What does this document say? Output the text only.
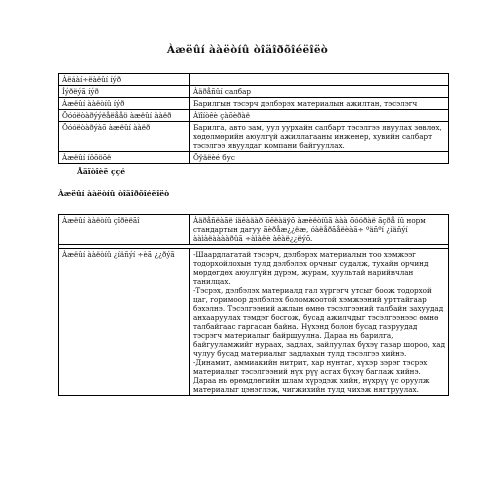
Àæëûí ààëòíû òîäîðõîéëîëò
Àëáàí÷ëàëûí íýð	
Íýðëýã íýð	Àäðåñûí салбар
Àæëûí ààëòíû íýð	Барилгын тэсэрч дэлбэрэх материалын ажилтан, тэсэлэгч
Õóóëòàðýýëåëååö àæëûí ààëð	Àïîíòêè çàõèðàë
Õóóëòàðýàõ àæëûí ààëð	Барилга, авто зам, уул уурхайн салбарт тэсэлгээ явуулах зөвлөх, хөдөлмөрийн аюулгүй ажиллагааны инженер, хувийн салбарт тэсэлгээ явуулдаг компани байгууллах.
Àæëûí íôõöõë	Õÿäëèé бус
Åäïòîèë ççé
Àæëûí ààëòíû òîäîðõîéëîëò
Àæëûí ààëòíû çîðèëãî	Àäðåñëàãë íäêàäàð õêëàäÿõ àæèëòíûã ààà õóóðàë ãçðå íû норм стандартын дагуу ãèðåæ¿¿ëæ, óàëåðãåëèàã÷ ºäñºí ¿íäñýí ààìàëààààðûã ÷àìàëè àêàë¿¿ëýõ.

Àæëûí ààëòíû ¿íäñýí ÷èã ¿¿ðýã	-Шаардлагатай тэсэрч, дэлбэрэх материалын тоо хэмжээг тодорхойлохын тулд дэлбэлэх орчныг судалж, тухайн орчинд мөрдөгдөх аюулгүйн дүрэм, журам, хуультай нарийвчлан танилцах.
-Тэсрэх, дэлбэлэх материалд гал хүргэгч утсыг боож тодорхой цаг, горимоор дэлбэлэх боломжоотой хэмжээний урттайгаар бэхэлнэ. Тэсэлгээний ажлын өмнө тэсэлгээний талбайн захуудад анхааруулах тэмдэг босгож, бусад ажилчдыг тэсэлгээнээс өмнө талбайгаас гаргасан байна. Нүхэнд болон бусад газруудад тэсрэгч материалыг байршуулна. Дараа нь барилга, байгууламжийг нураах, задлах, зайлуулах бүхэү газар шороо, хад чулуу бусад материалыг задлахын тулд тэсэлгээ хийнэ.
-Динамит, аммиакийн нитрит, хар нунтаг, хүхэр зэрэг тэсрэх материалыг тэсэлгээний нүх рүү асгах бүхэү баглаж хийнэ. Дараа нь өрөмдлөгийн шлам хүрэдэж хийн, нүхрүү үс оруулж материалыг цэнэглэж, чигжихийн тулд чихэж нягтруулах.
